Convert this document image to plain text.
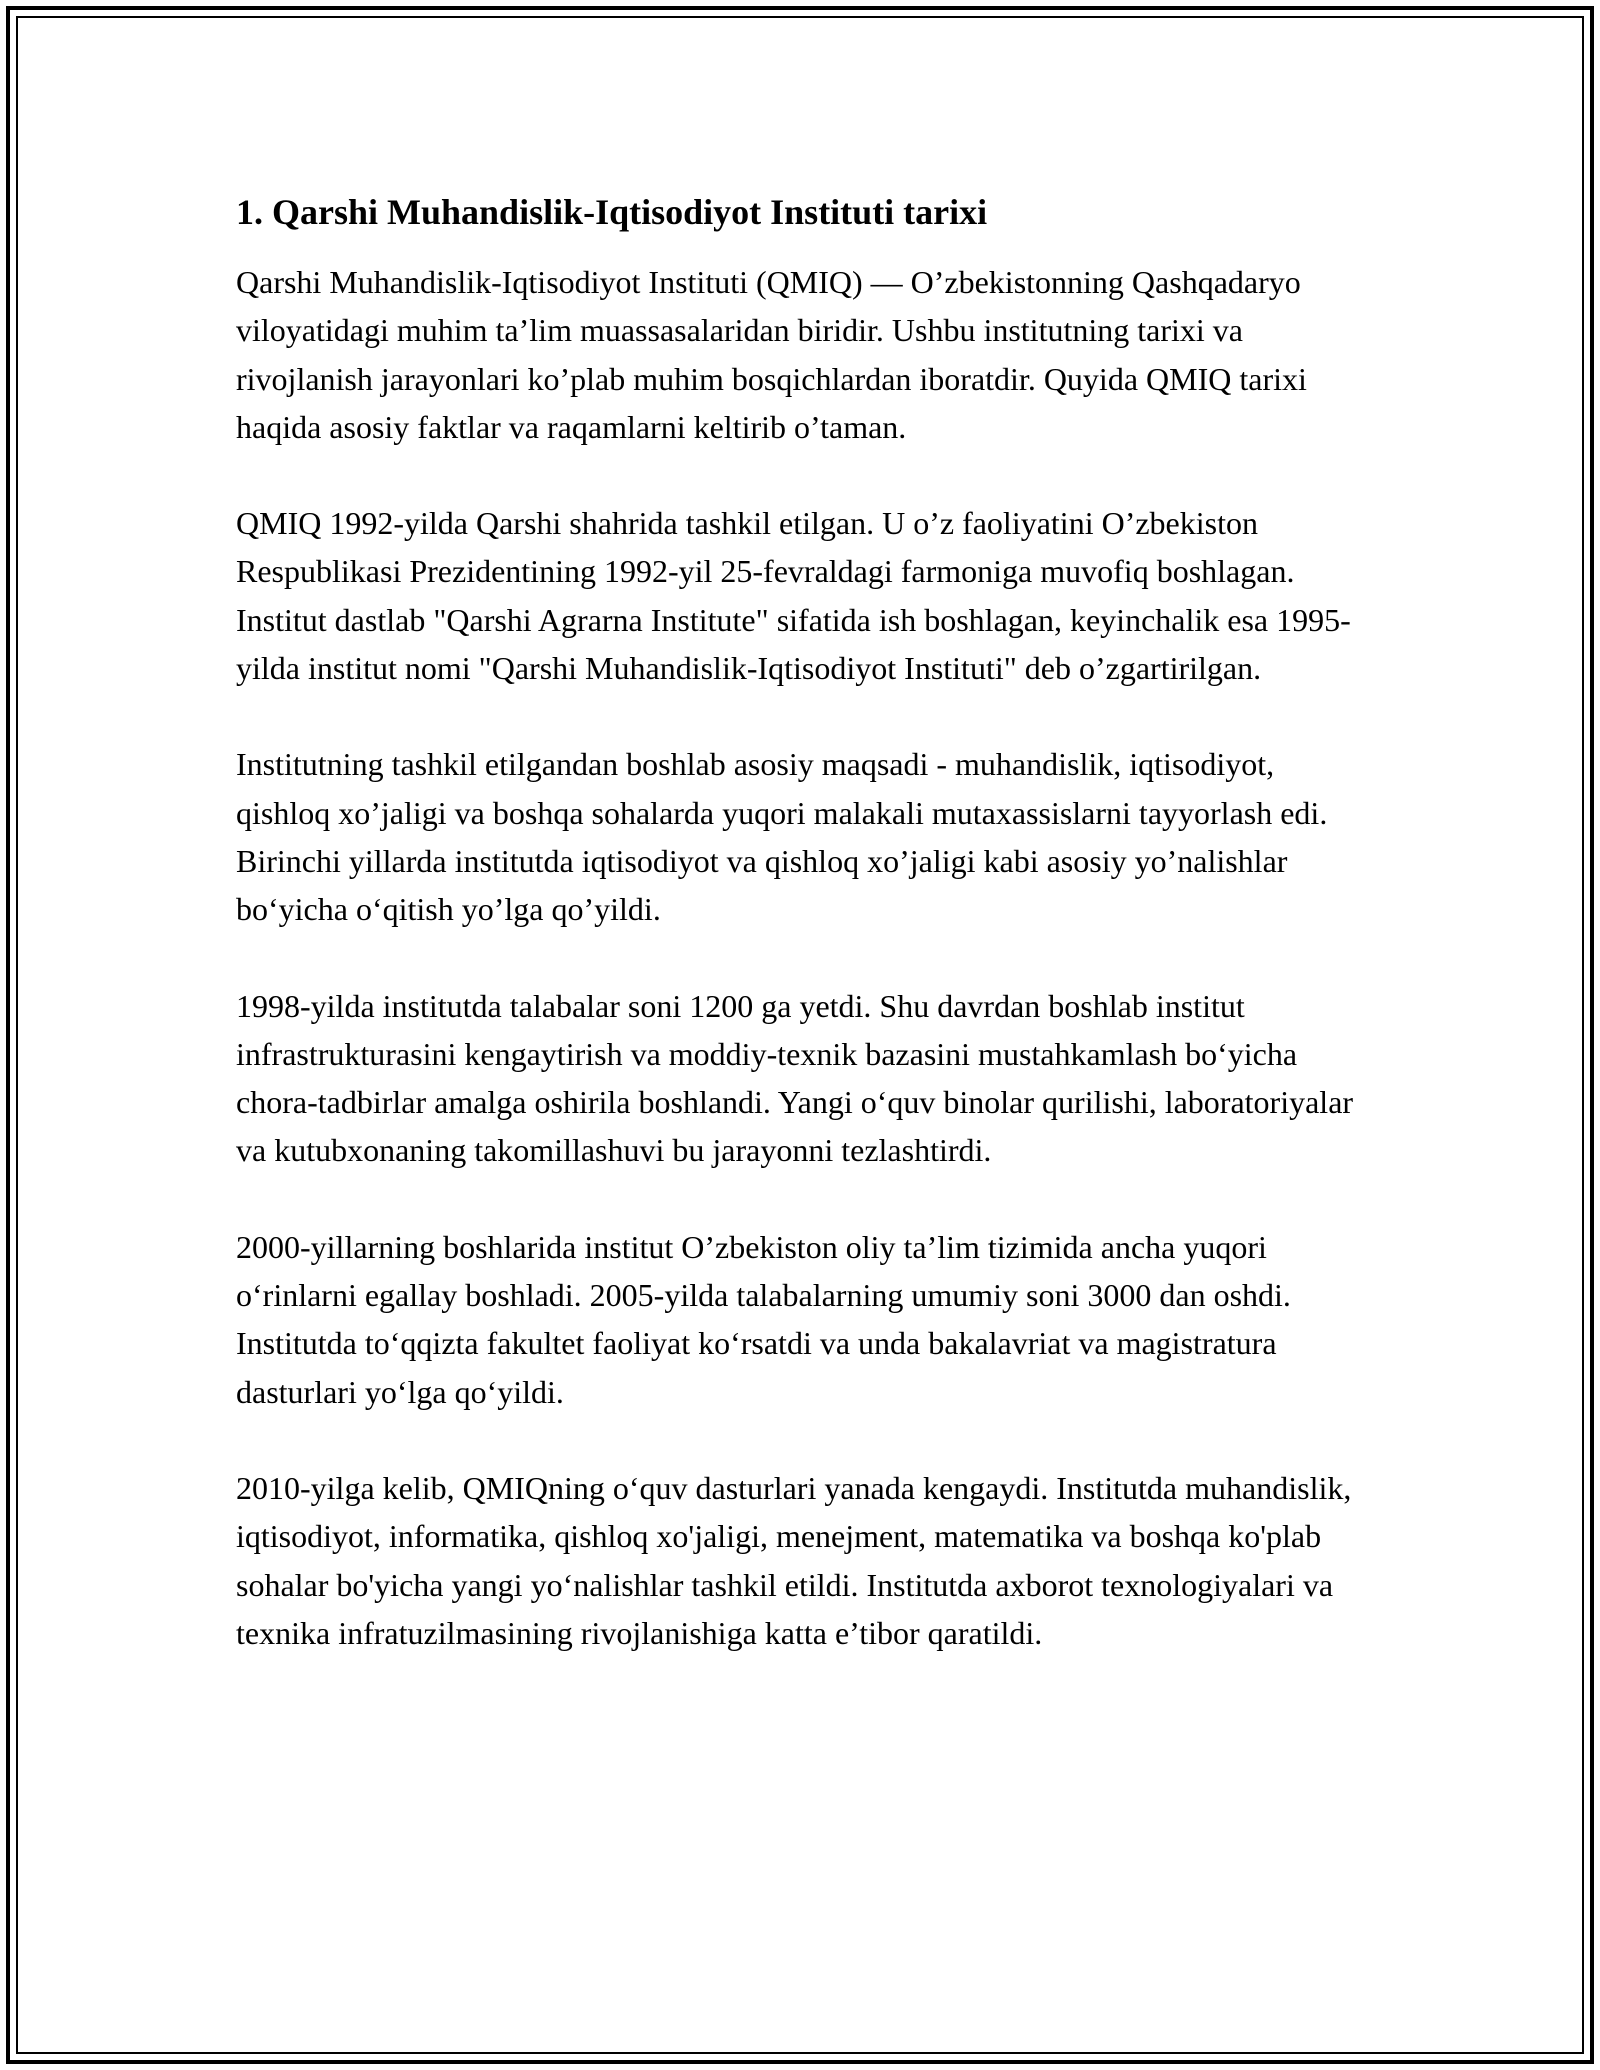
1. Qarshi Muhandislik-Iqtisodiyot Instituti tarixi

Qarshi Muhandislik-Iqtisodiyot Instituti (QMIQ) — O’zbekistonning Qashqadaryo viloyatidagi muhim ta’lim muassasalaridan biridir. Ushbu institutning tarixi va rivojlanish jarayonlari ko’plab muhim bosqichlardan iboratdir. Quyida QMIQ tarixi haqida asosiy faktlar va raqamlarni keltirib o’taman.

QMIQ 1992-yilda Qarshi shahrida tashkil etilgan. U o’z faoliyatini O’zbekiston Respublikasi Prezidentining 1992-yil 25-fevraldagi farmoniga muvofiq boshlagan. Institut dastlab "Qarshi Agrarna Institute" sifatida ish boshlagan, keyinchalik esa 1995-yilda institut nomi "Qarshi Muhandislik-Iqtisodiyot Instituti" deb o’zgartirilgan.

Institutning tashkil etilgandan boshlab asosiy maqsadi - muhandislik, iqtisodiyot, qishloq xo’jaligi va boshqa sohalarda yuqori malakali mutaxassislarni tayyorlash edi. Birinchi yillarda institutda iqtisodiyot va qishloq xo’jaligi kabi asosiy yo’nalishlar bo‘yicha o‘qitish yo’lga qo’yildi.

1998-yilda institutda talabalar soni 1200 ga yetdi. Shu davrdan boshlab institut infrastrukturasini kengaytirish va moddiy-texnik bazasini mustahkamlash bo‘yicha chora-tadbirlar amalga oshirila boshlandi. Yangi o‘quv binolar qurilishi, laboratoriyalar va kutubxonaning takomillashuvi bu jarayonni tezlashtirdi.

2000-yillarning boshlarida institut O’zbekiston oliy ta’lim tizimida ancha yuqori o‘rinlarni egallay boshladi. 2005-yilda talabalarning umumiy soni 3000 dan oshdi. Institutda to‘qqizta fakultet faoliyat ko‘rsatdi va unda bakalavriat va magistratura dasturlari yo‘lga qo‘yildi.

2010-yilga kelib, QMIQning o‘quv dasturlari yanada kengaydi. Institutda muhandislik, iqtisodiyot, informatika, qishloq xo'jaligi, menejment, matematika va boshqa ko'plab sohalar bo'yicha yangi yo‘nalishlar tashkil etildi. Institutda axborot texnologiyalari va texnika infratuzilmasining rivojlanishiga katta e’tibor qaratildi.
